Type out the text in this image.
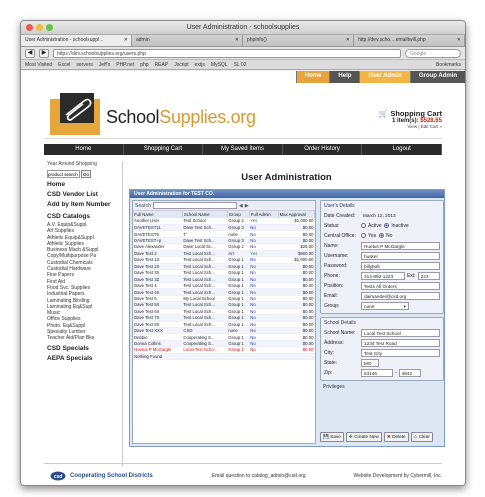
User Administration - schoolsupplies
User Administration - schoolsuppl...	✕	admin	✕	phpinfo()	✕	http://dev.scho....emailtwill.php	✕
◀	▶	https://dev.schoolsupplies.org/users.php	Google
Most Visited Excel servers Jeff's PHP.net php REAP Jscript extjs MySQL SL 02	Bookmarks
Home	Help	User Admin	Group Admin
SchoolSupplies.org	🛒 Shopping Cart
1 item(s): $528.65
View | Edit Cart »
Home	Shopping Cart	My Saved Items	Order History	Logout
Year Around Shopping
product search
Go
Home
CSD Vendor List
Add by Item Number
CSD Catalogs
A.V. Equip&Suppl.
Art Supplies
Athletic Equip&Suppl
Athletic Supplies
Business Mach &Suppl
Copy/Multipurpose Pa
Custodial Chemicals
Custodial Hardware
Fine Papers
First Aid
Food Svc. Supplies
Industrial Papers
Laminating Binding
Laminating Eq&Supl
Music
Office Supplies
Photo. Eq&Suppl
Specialty Lumber
Teacher Aid/Plan Bks
CSD Specials
AEPA Specials
User Administration
User Administration for TEST CO.
Search	◀ ▶
Full Name	School Name	Group	Full Admin	Max Approval
Another User	Test School	Group 2	Yes	$1,000.00
DAVETEST11	Dave Test Sch...	Group 3	No	$0.00
DAVETEST9	T	none	No	$0.00
DAVETEST+p	Dave Test Sch...	Group 3	No	$0.00
Dave Alexander	Dave Local Sc...	Group 2	No	$25.00
Dave Test 2	Test Local Sch...	Art	Yes	$900.00
Dave Test 1X	Test Local Sch...	Group 1	No	$1,000.00
Dave Test 2X	Test Local Sch...	Group 1	No	$0.00
Dave Test 3X	Test Local Sch...	Group 1	No	$0.00
Dave Test 3Z	Test Local Sch...	Group 1	No	$0.00
Dave Test 4	Test Local Sch...	Group 1	No	$0.00
Dave Test 4X	Test Local Sch...	Group 1	No	$0.00
Dave Test 5	My Local School	Group 1	No	$0.00
Dave Test 5X	Test Local Sch...	Group 1	No	$0.00
Dave Test 6X	Test Local Sch...	Group 1	No	$0.00
Dave Test 7X	Test Local Sch...	Group 1	No	$0.00
Dave Test 8X	Test Local Sch...	Group 1	No	$0.00
Dave Test XXX	CSD	none	No	$0.00
Debbie	Cooperating S...	Group 1	No	$0.00
Donna Collins	Cooperating S...	Group 1	No	$0.00
Huetus P McGargle	Local Test Scho...	Group 1	No	$0.00
Nothing Found				
User's Details
Date Created:	March 12, 2013
Status:	Active Inactive
Central Office:	Yes No
Name:	Huetus P McGargle
Username:	husker
Password:	billybob
Phone:	314-892-1223	Ext:	223
Position:	Tests All Orders
Email:	daimander@csd.org
Group:	none	▾
School Details
School Name:	Local Test School
Address:	1234 Test Road
City:	Test City
State:	MO
Zip:	63146	-	4842
Privileges
💾 Save	✚ Create New	✖ Delete	◇ Clear
csd Cooperating School Districts	Email question to catalog_admin@csd.org	Website Development by Cybermill, Inc.
